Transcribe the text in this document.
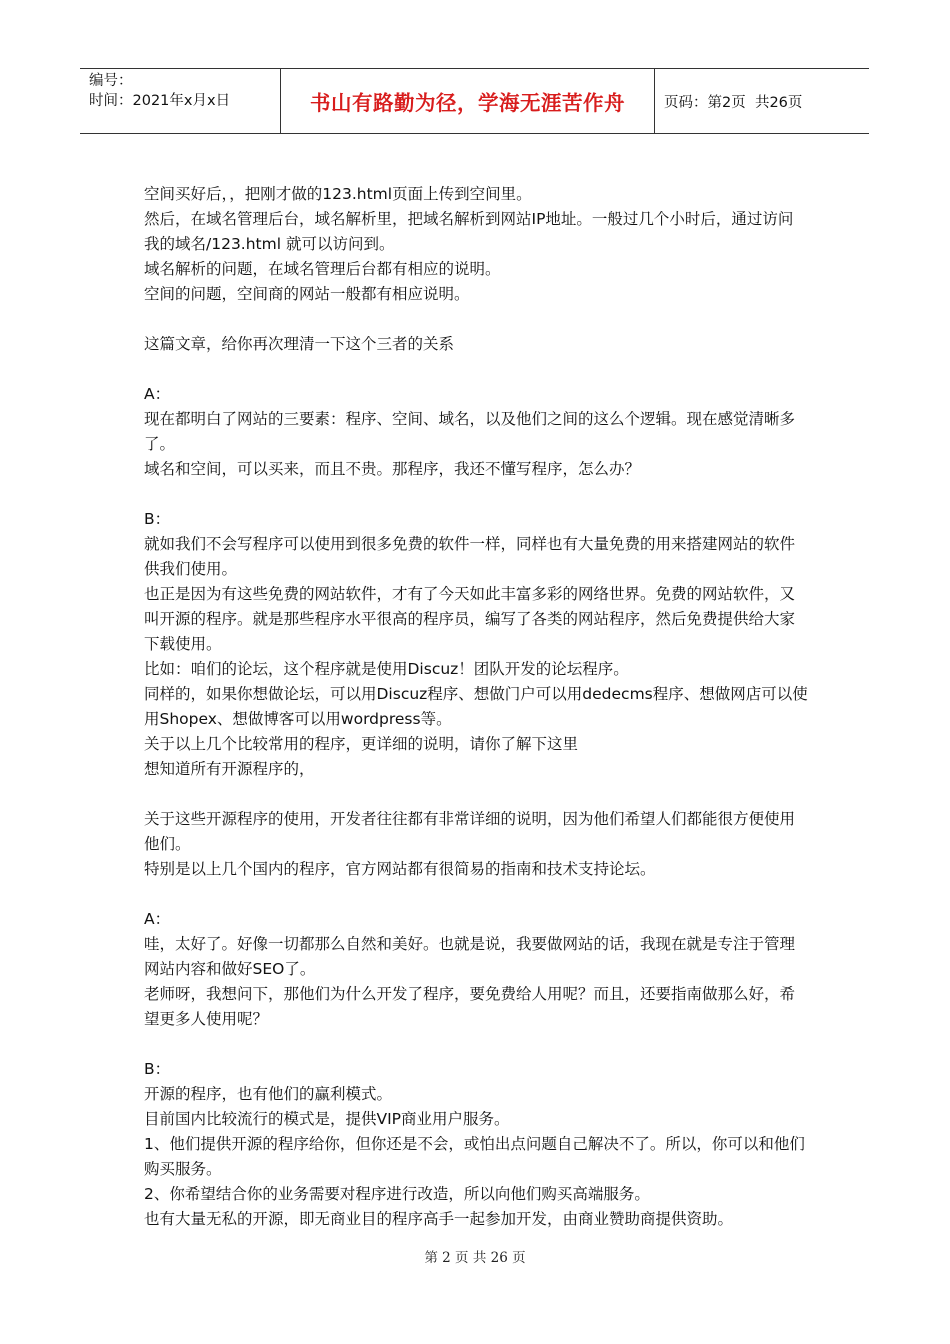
编号：
时间：2021年x月x日	书山有路勤为径，学海无涯苦作舟	页码：第2页  共26页

空间买好后，，把刚才做的123.html页面上传到空间里。

然后，在域名管理后台，域名解析里，把域名解析到网站IP地址。一般过几个小时后，通过访问 我的域名/123.html 就可以访问到。

域名解析的问题，在域名管理后台都有相应的说明。

空间的问题，空间商的网站一般都有相应说明。

这篇文章，给你再次理清一下这个三者的关系

A：

现在都明白了网站的三要素：程序、空间、域名，以及他们之间的这么个逻辑。现在感觉清晰多了。

域名和空间，可以买来，而且不贵。那程序，我还不懂写程序，怎么办？

B：

就如我们不会写程序可以使用到很多免费的软件一样，同样也有大量免费的用来搭建网站的软件供我们使用。

也正是因为有这些免费的网站软件，才有了今天如此丰富多彩的网络世界。免费的网站软件，又叫开源的程序。就是那些程序水平很高的程序员，编写了各类的网站程序，然后免费提供给大家下载使用。

比如：咱们的论坛，这个程序就是使用Discuz！团队开发的论坛程序。

同样的，如果你想做论坛，可以用Discuz程序、想做门户可以用dedecms程序、想做网店可以使用Shopex、想做博客可以用wordpress等。

关于以上几个比较常用的程序，更详细的说明，请你了解下这里

想知道所有开源程序的，

关于这些开源程序的使用，开发者往往都有非常详细的说明，因为他们希望人们都能很方便使用他们。

特别是以上几个国内的程序，官方网站都有很简易的指南和技术支持论坛。

A：

哇，太好了。好像一切都那么自然和美好。也就是说，我要做网站的话，我现在就是专注于管理网站内容和做好SEO了。

老师呀，我想问下，那他们为什么开发了程序，要免费给人用呢？而且，还要指南做那么好，希望更多人使用呢？

B：

开源的程序，也有他们的赢利模式。

目前国内比较流行的模式是，提供VIP商业用户服务。

1、他们提供开源的程序给你，但你还是不会，或怕出点问题自己解决不了。所以，你可以和他们购买服务。

2、你希望结合你的业务需要对程序进行改造，所以向他们购买高端服务。

也有大量无私的开源，即无商业目的程序高手一起参加开发，由商业赞助商提供资助。

第 2 页 共 26 页
